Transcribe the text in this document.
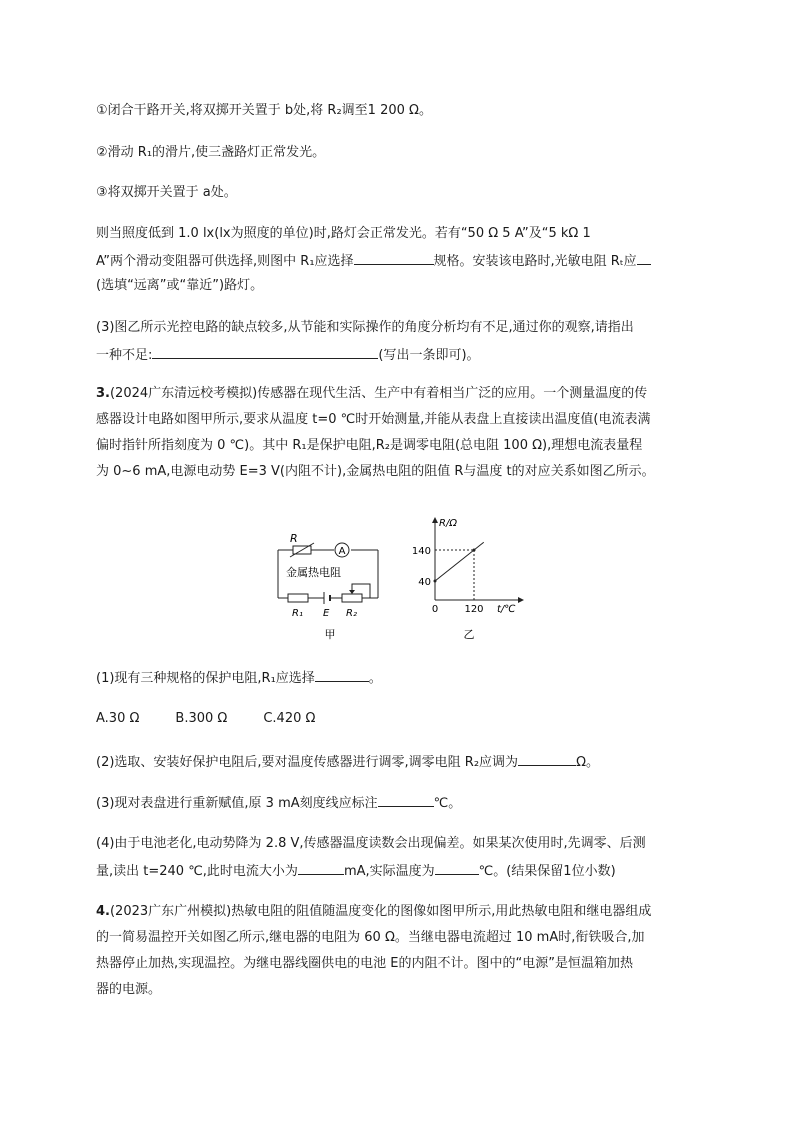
①闭合干路开关,将双掷开关置于 b处,将 R₂调至1 200 Ω。
②滑动 R₁的滑片,使三盏路灯正常发光。
③将双掷开关置于 a处。
则当照度低到 1.0 lx(lx为照度的单位)时,路灯会正常发光。若有“50 Ω 5 A”及“5 kΩ 1
A”两个滑动变阻器可供选择,则图中 R₁应选择	规格。安装该电路时,光敏电阻 Rₜ应
(选填“远离”或“靠近”)路灯。
(3)图乙所示光控电路的缺点较多,从节能和实际操作的角度分析均有不足,通过你的观察,请指出
一种不足:	(写出一条即可)。
3.(2024广东清远校考模拟)传感器在现代生活、生产中有着相当广泛的应用。一个测量温度的传
感器设计电路如图甲所示,要求从温度 t=0 ℃时开始测量,并能从表盘上直接读出温度值(电流表满
偏时指针所指刻度为 0 ℃)。其中 R₁是保护电阻,R₂是调零电阻(总电阻 100 Ω),理想电流表量程
为 0~6 mA,电源电动势 E=3 V(内阻不计),金属热电阻的阻值 R与温度 t的对应关系如图乙所示。
R
A
金属热电阻
R₁ E R₂
甲
R/Ω
t/℃
140
40
0	120
乙
(1)现有三种规格的保护电阻,R₁应选择	。
A.30 Ω	B.300 Ω	C.420 Ω
(2)选取、安装好保护电阻后,要对温度传感器进行调零,调零电阻 R₂应调为	Ω。
(3)现对表盘进行重新赋值,原 3 mA刻度线应标注	℃。
(4)由于电池老化,电动势降为 2.8 V,传感器温度读数会出现偏差。如果某次使用时,先调零、后测
量,读出 t=240 ℃,此时电流大小为	mA,实际温度为	℃。(结果保留1位小数)
4.(2023广东广州模拟)热敏电阻的阻值随温度变化的图像如图甲所示,用此热敏电阻和继电器组成
的一简易温控开关如图乙所示,继电器的电阻为 60 Ω。当继电器电流超过 10 mA时,衔铁吸合,加
热器停止加热,实现温控。为继电器线圈供电的电池 E的内阻不计。图中的“电源”是恒温箱加热
器的电源。
